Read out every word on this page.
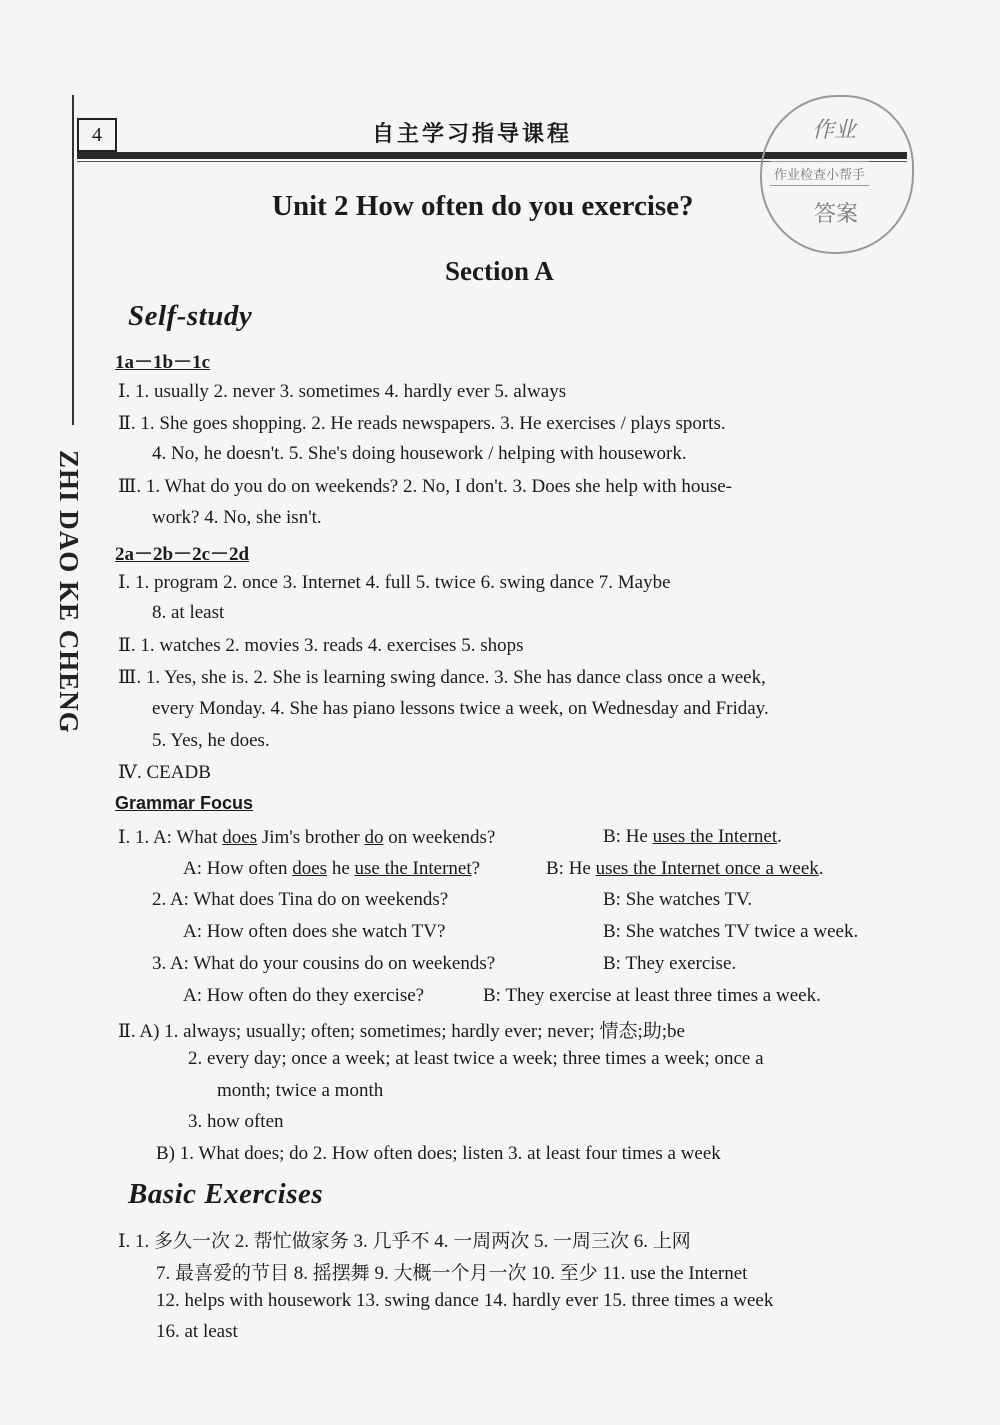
4	自主学习指导课程	作业
作业检查小帮手
答案
ZHI DAO KE CHENG
Unit 2 How often do you exercise?
Section A
Self-study
1a－1b－1c
Ⅰ. 1. usually 2. never 3. sometimes 4. hardly ever 5. always
Ⅱ. 1. She goes shopping. 2. He reads newspapers. 3. He exercises / plays sports.
4. No, he doesn't. 5. She's doing housework / helping with housework.
Ⅲ. 1. What do you do on weekends? 2. No, I don't. 3. Does she help with house-
work? 4. No, she isn't.
2a－2b－2c－2d
Ⅰ. 1. program 2. once 3. Internet 4. full 5. twice 6. swing dance 7. Maybe
8. at least
Ⅱ. 1. watches 2. movies 3. reads 4. exercises 5. shops
Ⅲ. 1. Yes, she is. 2. She is learning swing dance. 3. She has dance class once a week,
every Monday. 4. She has piano lessons twice a week, on Wednesday and Friday.
5. Yes, he does.
Ⅳ. CEADB
Grammar Focus
Ⅰ. 1. A: What does Jim's brother do on weekends?	B: He uses the Internet.
A: How often does he use the Internet?	B: He uses the Internet once a week.
2. A: What does Tina do on weekends?	B: She watches TV.
A: How often does she watch TV?	B: She watches TV twice a week.
3. A: What do your cousins do on weekends?	B: They exercise.
A: How often do they exercise?	B: They exercise at least three times a week.
Ⅱ. A) 1. always; usually; often; sometimes; hardly ever; never; 情态;助;be
2. every day; once a week; at least twice a week; three times a week; once a
month; twice a month
3. how often
B) 1. What does; do 2. How often does; listen 3. at least four times a week
Basic Exercises
Ⅰ. 1. 多久一次 2. 帮忙做家务 3. 几乎不 4. 一周两次 5. 一周三次 6. 上网
7. 最喜爱的节目 8. 摇摆舞 9. 大概一个月一次 10. 至少 11. use the Internet
12. helps with housework 13. swing dance 14. hardly ever 15. three times a week
16. at least
